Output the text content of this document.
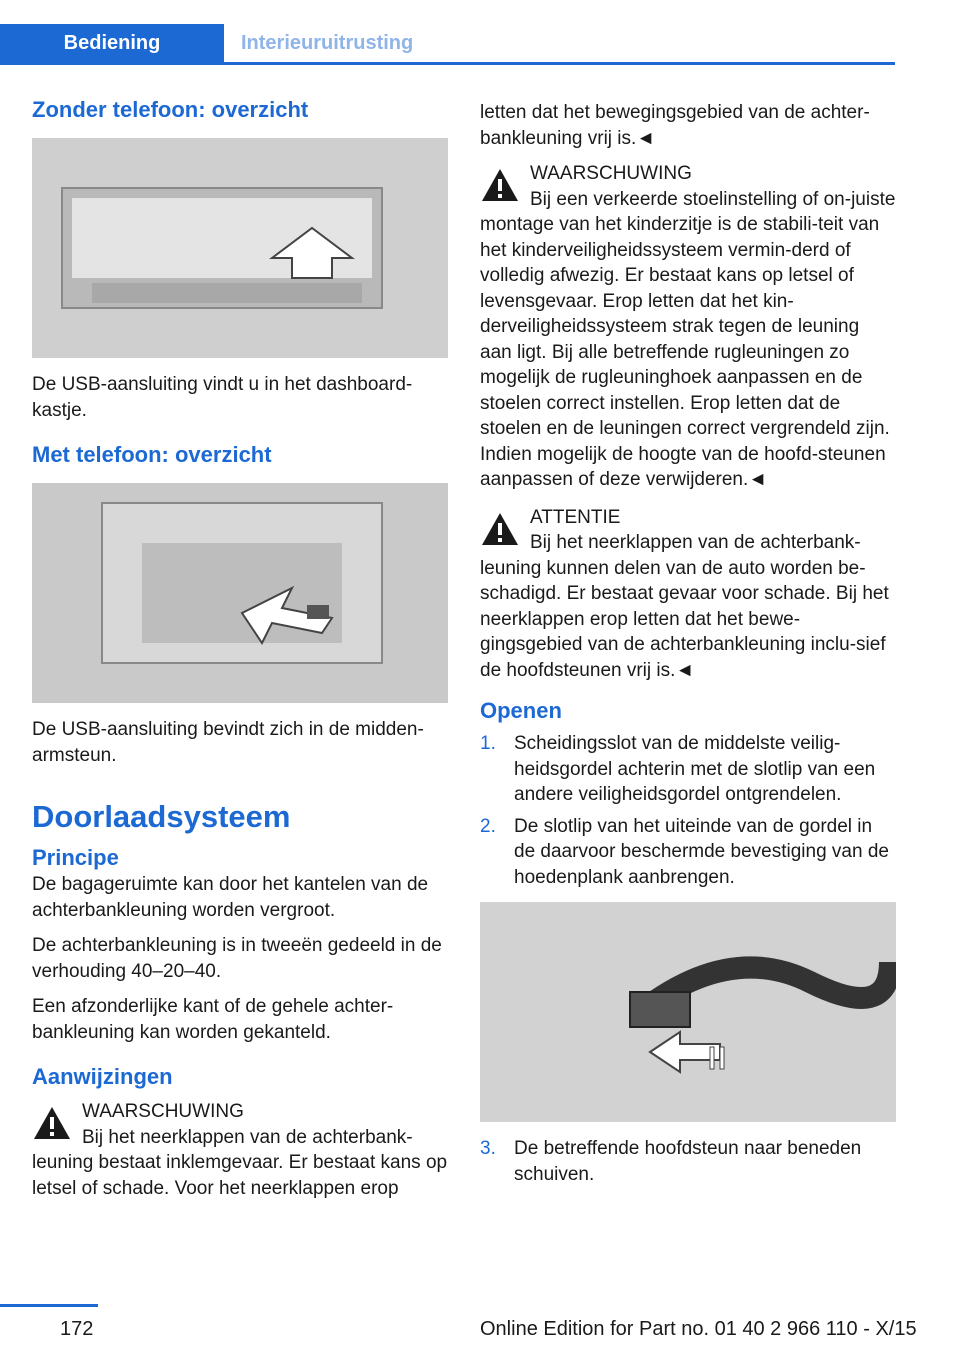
Bediening	Interieuruitrusting
Zonder telefoon: overzicht

De USB-aansluiting vindt u in het dashboard-kastje.

Met telefoon: overzicht

De USB-aansluiting bevindt zich in de midden-armsteun.

Doorlaadsysteem
Principe

De bagageruimte kan door het kantelen van de achterbankleuning worden vergroot.

De achterbankleuning is in tweeën gedeeld in de verhouding 40–20–40.

Een afzonderlijke kant of de gehele achter-bankleuning kan worden gekanteld.

Aanwijzingen
WAARSCHUWING
Bij het neerklappen van de achterbank-leuning bestaat inklemgevaar. Er bestaat kans op letsel of schade. Voor het neerklappen erop

letten dat het bewegingsgebied van de achter-bankleuning vrij is.◄

WAARSCHUWING
Bij een verkeerde stoelinstelling of on-juiste montage van het kinderzitje is de stabili-teit van het kinderveiligheidssysteem vermin-derd of volledig afwezig. Er bestaat kans op letsel of levensgevaar. Erop letten dat het kin-derveiligheidssysteem strak tegen de leuning aan ligt. Bij alle betreffende rugleuningen zo mogelijk de rugleuninghoek aanpassen en de stoelen correct instellen. Erop letten dat de stoelen en de leuningen correct vergrendeld zijn. Indien mogelijk de hoogte van de hoofd-steunen aanpassen of deze verwijderen.◄
ATTENTIE
Bij het neerklappen van de achterbank-leuning kunnen delen van de auto worden be-schadigd. Er bestaat gevaar voor schade. Bij het neerklappen erop letten dat het bewe-gingsgebied van de achterbankleuning inclu-sief de hoofdsteunen vrij is.◄
Openen
1. Scheidingsslot van de middelste veilig-heidsgordel achterin met de slotlip van een andere veiligheidsgordel ontgrendelen.
2. De slotlip van het uiteinde van de gordel in de daarvoor beschermde bevestiging van de hoedenplank aanbrengen.
3. De betreffende hoofdsteun naar beneden schuiven.
172	Online Edition for Part no. 01 40 2 966 110 - X/15
